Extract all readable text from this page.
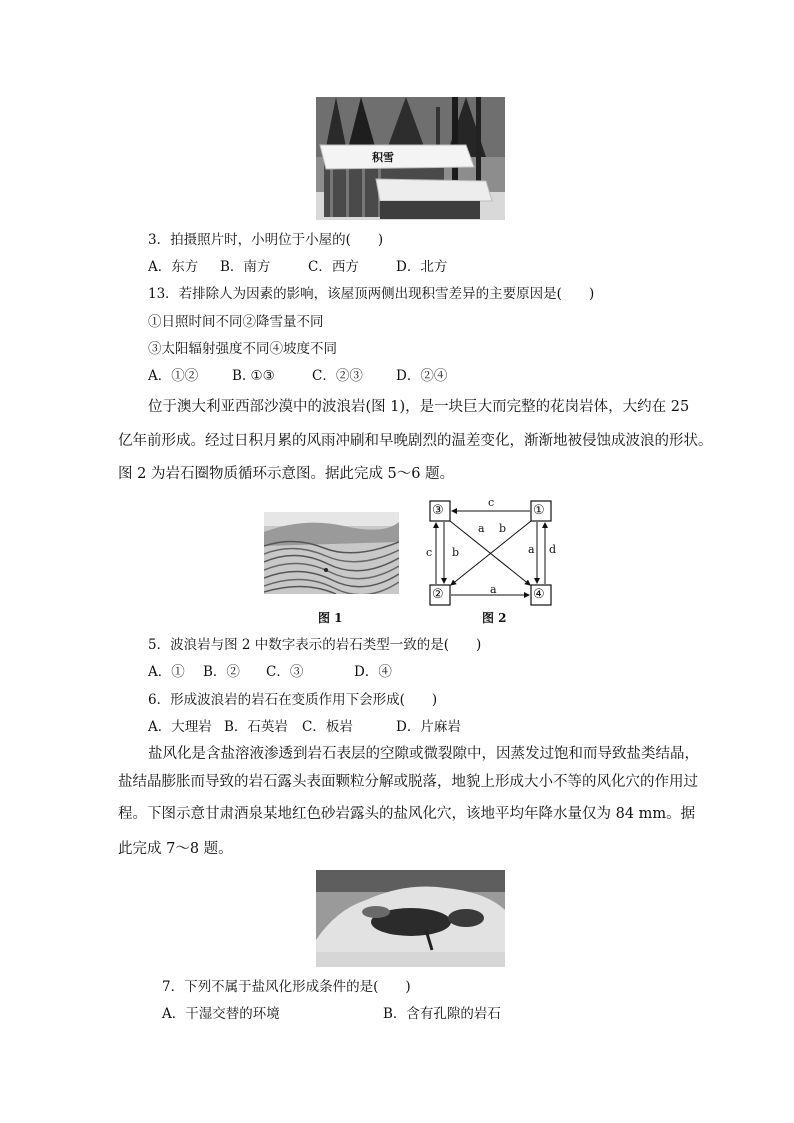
积雪
3．拍摄照片时，小明位于小屋的(　　)
A．东方 B．南方	C．西方	D．北方
13．若排除人为因素的影响，该屋顶两侧出现积雪差异的主要原因是(　　)
①日照时间不同②降雪量不同
③太阳辐射强度不同④坡度不同
A．①②	B. ①③	C．②③ D．②④
位于澳大利亚西部沙漠中的波浪岩(图 1)，是一块巨大而完整的花岗岩体，大约在 25
亿年前形成。经过日积月累的风雨冲刷和早晚剧烈的温差变化，渐渐地被侵蚀成波浪的形状。
图 2 为岩石圈物质循环示意图。据此完成 5～6 题。
图 1
③	①
②	④
c
a
c b	a d
a b
图 2
5．波浪岩与图 2 中数字表示的岩石类型一致的是(　　)
A．① B．② C．③	D．④
6．形成波浪岩的岩石在变质作用下会形成(　　)
A．大理岩 B．石英岩 C．板岩	D．片麻岩
盐风化是含盐溶液渗透到岩石表层的空隙或微裂隙中，因蒸发过饱和而导致盐类结晶，
盐结晶膨胀而导致的岩石露头表面颗粒分解或脱落，地貌上形成大小不等的风化穴的作用过
程。下图示意甘肃酒泉某地红色砂岩露头的盐风化穴，该地平均年降水量仅为 84 mm。据
此完成 7～8 题。
7．下列不属于盐风化形成条件的是(　　)
A．干湿交替的环境	B．含有孔隙的岩石
